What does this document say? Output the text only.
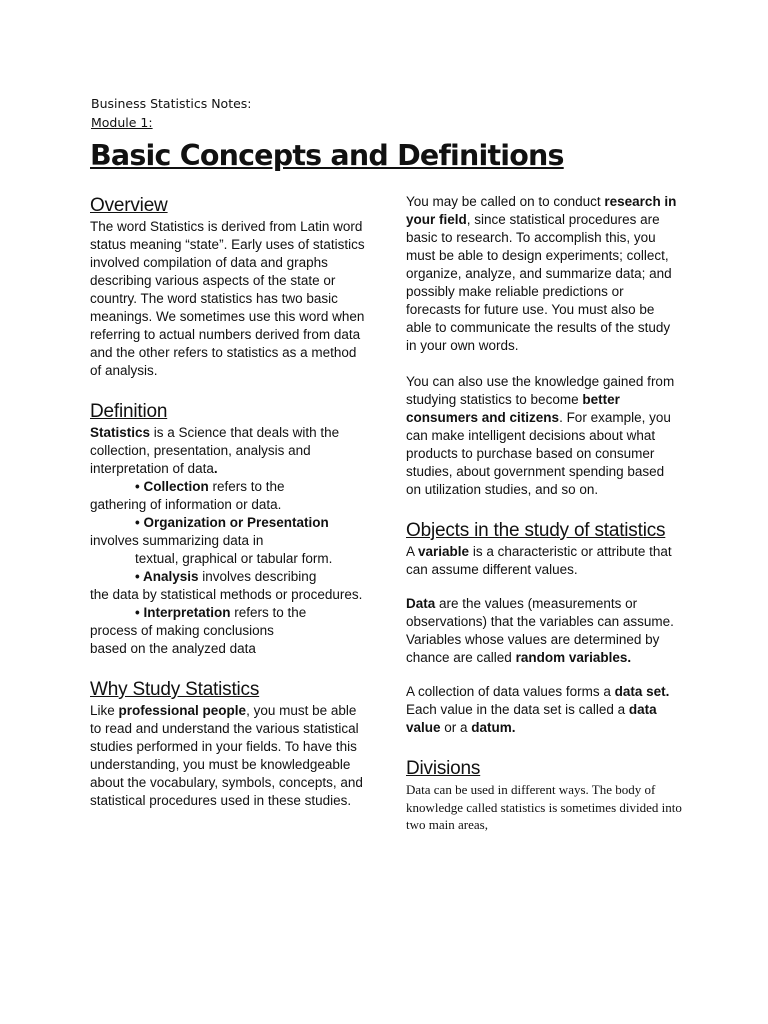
Business Statistics Notes:
Module 1:
Basic Concepts and Definitions
Overview

The word Statistics is derived from Latin word status meaning “state”. Early uses of statistics involved compilation of data and graphs describing various aspects of the state or country. The word statistics has two basic meanings. We sometimes use this word when referring to actual numbers derived from data and the other refers to statistics as a method of analysis.

Definition

Statistics is a Science that deals with the collection, presentation, analysis and interpretation of data.

• Collection refers to the
gathering of information or data.
• Organization or Presentation
involves summarizing data in
textual, graphical or tabular form.
• Analysis involves describing
the data by statistical methods or procedures.
• Interpretation refers to the
process of making conclusions
based on the analyzed data
Why Study Statistics

Like professional people, you must be able to read and understand the various statistical studies performed in your fields. To have this understanding, you must be knowledgeable about the vocabulary, symbols, concepts, and statistical procedures used in these studies.

You may be called on to conduct research in your field, since statistical procedures are basic to research. To accomplish this, you must be able to design experiments; collect, organize, analyze, and summarize data; and possibly make reliable predictions or forecasts for future use. You must also be able to communicate the results of the study in your own words.

You can also use the knowledge gained from studying statistics to become better consumers and citizens. For example, you can make intelligent decisions about what products to purchase based on consumer studies, about government spending based on utilization studies, and so on.

Objects in the study of statistics

A variable is a characteristic or attribute that can assume different values.

Data are the values (measurements or observations) that the variables can assume. Variables whose values are determined by chance are called random variables.

A collection of data values forms a data set. Each value in the data set is called a data value or a datum.

Divisions

Data can be used in different ways. The body of knowledge called statistics is sometimes divided into two main areas,
